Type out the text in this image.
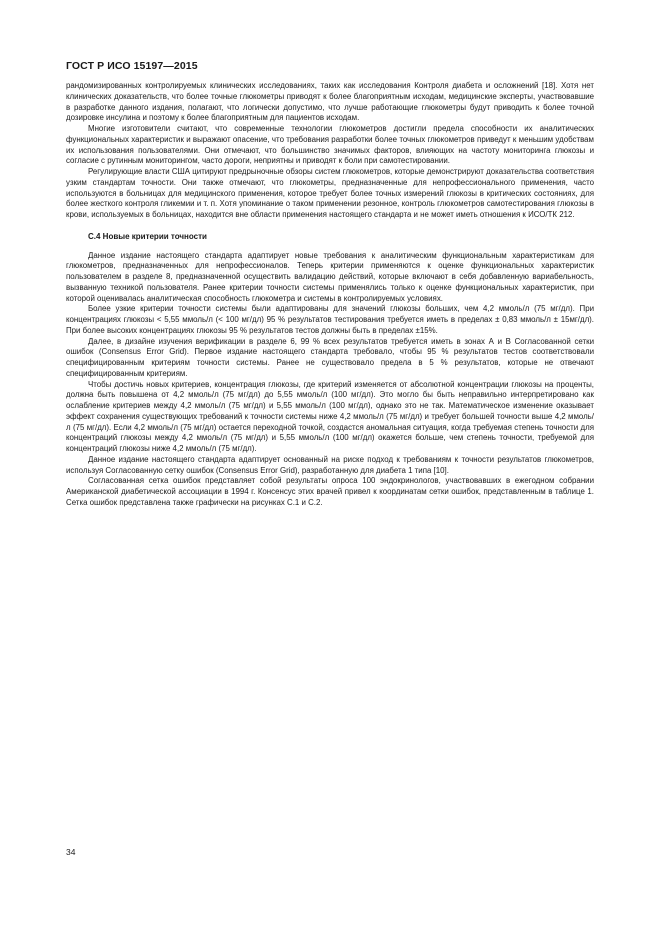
ГОСТ Р ИСО 15197—2015

рандомизированных контролируемых клинических исследованиях, таких как исследования Контроля диабета и осложнений [18]. Хотя нет клинических доказательств, что более точные глюкометры приводят к более благоприятным исходам, медицинские эксперты, участвовавшие в разработке данного издания, полагают, что логически допустимо, что лучше работающие глюкометры будут приводить к более точной дозировке инсулина и поэтому к более благоприятным для пациентов исходам.

Многие изготовители считают, что современные технологии глюкометров достигли предела способности их аналитических функциональных характеристик и выражают опасение, что требования разработки более точных глюкометров приведут к меньшим удобствам их использования пользователями. Они отмечают, что большинство значимых факторов, влияющих на частоту мониторинга глюкозы и согласие с рутинным мониторингом, часто дороги, неприятны и приводят к боли при самотестировании.

Регулирующие власти США цитируют предрыночные обзоры систем глюкометров, которые демонстрируют доказательства соответствия узким стандартам точности. Они также отмечают, что глюкометры, предназначенные для непрофессионального применения, часто используются в больницах для медицинского применения, которое требует более точных измерений глюкозы в критических состояниях, для более жесткого контроля гликемии и т. п. Хотя упоминание о таком применении резонное, контроль глюкометров самотестирования глюкозы в крови, используемых в больницах, находится вне области применения настоящего стандарта и не может иметь отношения к ИСО/ТК 212.

С.4 Новые критерии точности

Данное издание настоящего стандарта адаптирует новые требования к аналитическим функциональным характеристикам для глюкометров, предназначенных для непрофессионалов. Теперь критерии применяются к оценке функциональных характеристик пользователем в разделе 8, предназначенной осуществить валидацию действий, которые включают в себя добавленную вариабельность, вызванную техникой пользователя. Ранее критерии точности системы применялись только к оценке функциональных характеристик, при которой оценивалась аналитическая способность глюкометра и системы в контролируемых условиях.

Более узкие критерии точности системы были адаптированы для значений глюкозы больших, чем 4,2 ммоль/л (75 мг/дл). При концентрациях глюкозы < 5,55 ммоль/л (< 100 мг/дл) 95 % результатов тестирования требуется иметь в пределах ± 0,83 ммоль/л ± 15мг/дл). При более высоких концентрациях глюкозы 95 % результатов тестов должны быть в пределах ±15%.

Далее, в дизайне изучения верификации в разделе 6, 99 % всех результатов требуется иметь в зонах А и В Согласованной сетки ошибок (Consensus Error Grid). Первое издание настоящего стандарта требовало, чтобы 95 % результатов тестов соответствовали специфицированным критериям точности системы. Ранее не существовало предела в 5 % результатов, которые не отвечают специфицированным критериям.

Чтобы достичь новых критериев, концентрация глюкозы, где критерий изменяется от абсолютной концентрации глюкозы на проценты, должна быть повышена от 4,2 ммоль/л (75 мг/дл) до 5,55 ммоль/л (100 мг/дл). Это могло бы быть неправильно интерпретировано как ослабление критериев между 4,2 ммоль/л (75 мг/дл) и 5,55 ммоль/л (100 мг/дл), однако это не так. Математическое изменение оказывает эффект сохранения существующих требований к точности системы ниже 4,2 ммоль/л (75 мг/дл) и требует большей точности выше 4,2 ммоль/л (75 мг/дл). Если 4,2 ммоль/л (75 мг/дл) остается переходной точкой, создастся аномальная ситуация, когда требуемая степень точности для концентраций глюкозы между 4,2 ммоль/л (75 мг/дл) и 5,55 ммоль/л (100 мг/дл) окажется больше, чем степень точности, требуемой для концентраций глюкозы ниже 4,2 ммоль/л (75 мг/дл).

Данное издание настоящего стандарта адаптирует основанный на риске подход к требованиям к точности результатов глюкометров, используя Согласованную сетку ошибок (Consensus Error Grid), разработанную для диабета 1 типа [10].

Согласованная сетка ошибок представляет собой результаты опроса 100 эндокринологов, участвовавших в ежегодном собрании Американской диабетической ассоциации в 1994 г. Консенсус этих врачей привел к координатам сетки ошибок, представленным в таблице 1. Сетка ошибок представлена также графически на рисунках С.1 и С.2.

34
